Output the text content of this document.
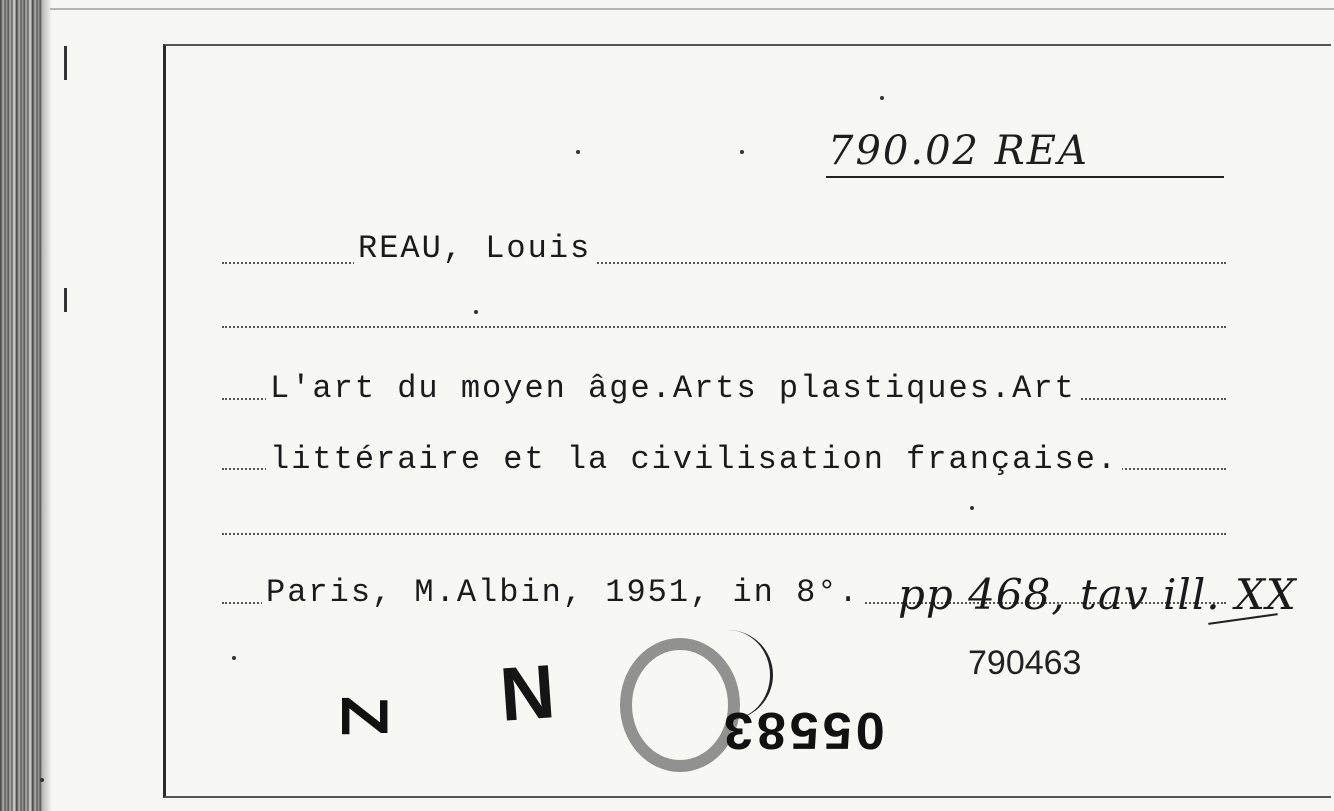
790.02 REA
REAU, Louis
L'art du moyen âge.Arts plastiques.Art
littéraire et la civilisation française.
Paris, M.Albin, 1951, in 8°. pp 468, tav ill. XX
790463
Z N	05583
